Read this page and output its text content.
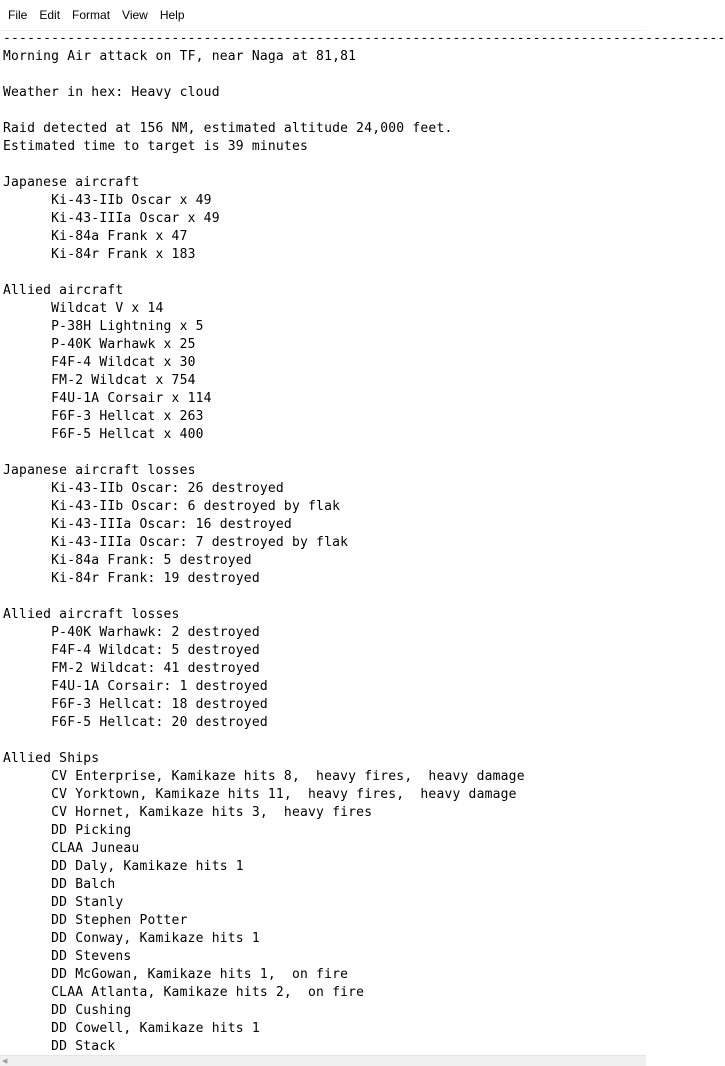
File	Edit	Format	View	Help
------------------------------------------------------------------------------------------
Morning Air attack on TF, near Naga at 81,81

Weather in hex: Heavy cloud

Raid detected at 156 NM, estimated altitude 24,000 feet.
Estimated time to target is 39 minutes

Japanese aircraft
Ki-43-IIb Oscar x 49
Ki-43-IIIa Oscar x 49
Ki-84a Frank x 47
Ki-84r Frank x 183

Allied aircraft
Wildcat V x 14
P-38H Lightning x 5
P-40K Warhawk x 25
F4F-4 Wildcat x 30
FM-2 Wildcat x 754
F4U-1A Corsair x 114
F6F-3 Hellcat x 263
F6F-5 Hellcat x 400

Japanese aircraft losses
Ki-43-IIb Oscar: 26 destroyed
Ki-43-IIb Oscar: 6 destroyed by flak
Ki-43-IIIa Oscar: 16 destroyed
Ki-43-IIIa Oscar: 7 destroyed by flak
Ki-84a Frank: 5 destroyed
Ki-84r Frank: 19 destroyed

Allied aircraft losses
P-40K Warhawk: 2 destroyed
F4F-4 Wildcat: 5 destroyed
FM-2 Wildcat: 41 destroyed
F4U-1A Corsair: 1 destroyed
F6F-3 Hellcat: 18 destroyed
F6F-5 Hellcat: 20 destroyed

Allied Ships
CV Enterprise, Kamikaze hits 8,  heavy fires,  heavy damage
CV Yorktown, Kamikaze hits 11,  heavy fires,  heavy damage
CV Hornet, Kamikaze hits 3,  heavy fires
DD Picking
CLAA Juneau
DD Daly, Kamikaze hits 1
DD Balch
DD Stanly
DD Stephen Potter
DD Conway, Kamikaze hits 1
DD Stevens
DD McGowan, Kamikaze hits 1,  on fire
CLAA Atlanta, Kamikaze hits 2,  on fire
DD Cushing
DD Cowell, Kamikaze hits 1
DD Stack
◀
